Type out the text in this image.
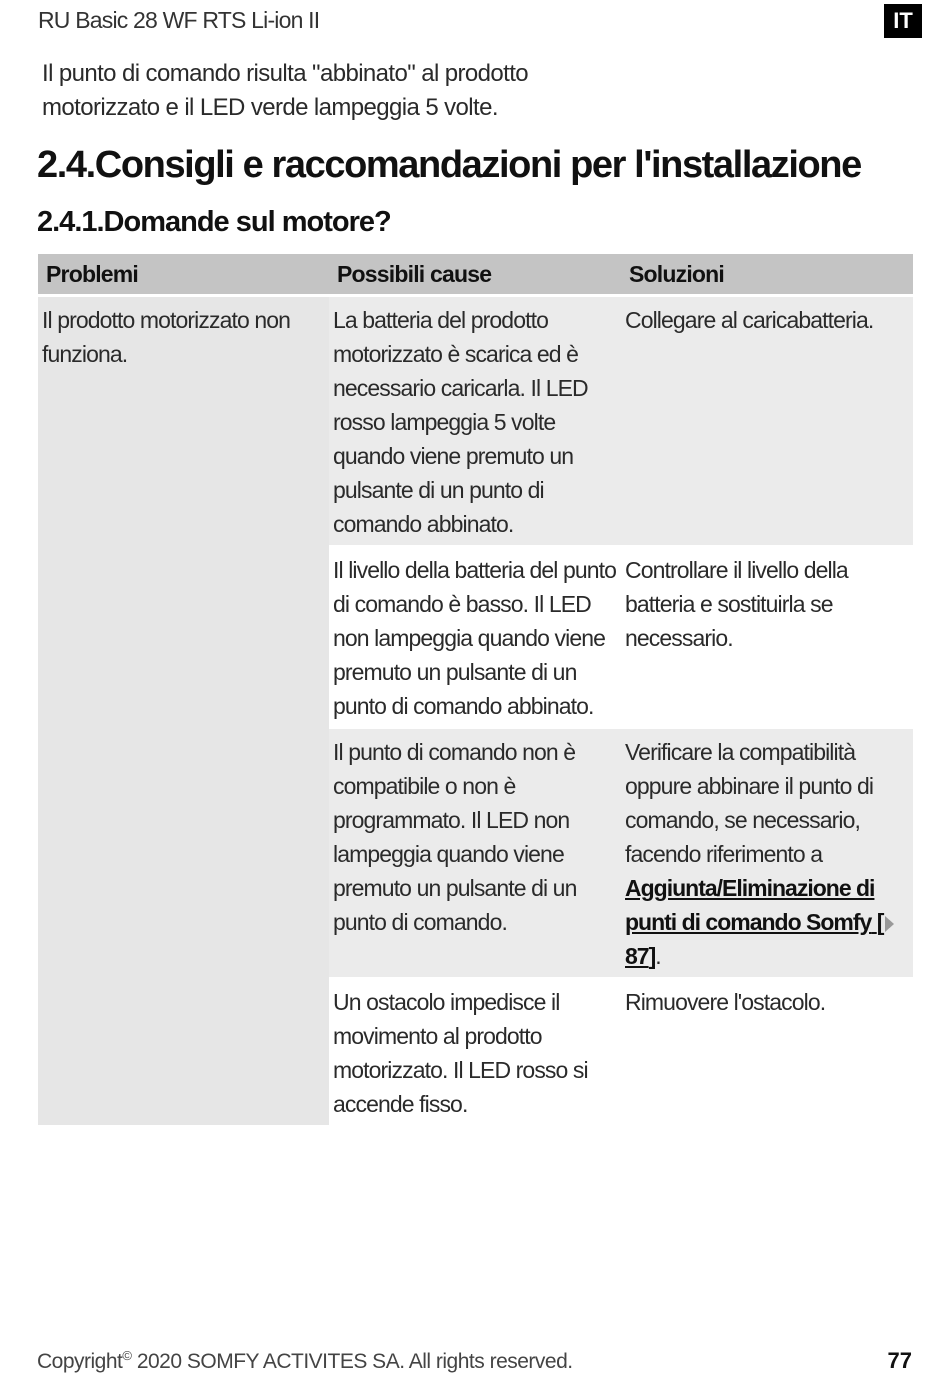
RU Basic 28 WF RTS Li-ion II	IT
Il punto di comando risulta "abbinato" al prodotto
motorizzato e il LED verde lampeggia 5 volte.
2.4.Consigli e raccomandazioni per l'installazione
2.4.1.Domande sul motore?
Problemi	Possibili cause	Soluzioni
Il prodotto motorizzato non funziona.	La batteria del prodotto motorizzato è scarica ed è necessario caricarla. Il LED rosso lampeggia 5 volte quando viene premuto un pulsante di un punto di comando abbinato.	Collegare al caricabatteria.
	Il livello della batteria del punto di comando è basso. Il LED non lampeggia quando viene premuto un pulsante di un punto di comando abbinato.	Controllare il livello della batteria e sostituirla se necessario.
	Il punto di comando non è compatibile o non è programmato. Il LED non lampeggia quando viene premuto un pulsante di un punto di comando.	Verificare la compatibilità oppure abbinare il punto di comando, se necessario, facendo riferimento a Aggiunta/Eliminazione di punti di comando Somfy [87].
	Un ostacolo impedisce il movimento al prodotto motorizzato. Il LED rosso si accende fisso.	Rimuovere l'ostacolo.
Copyright© 2020 SOMFY ACTIVITES SA. All rights reserved.	77
